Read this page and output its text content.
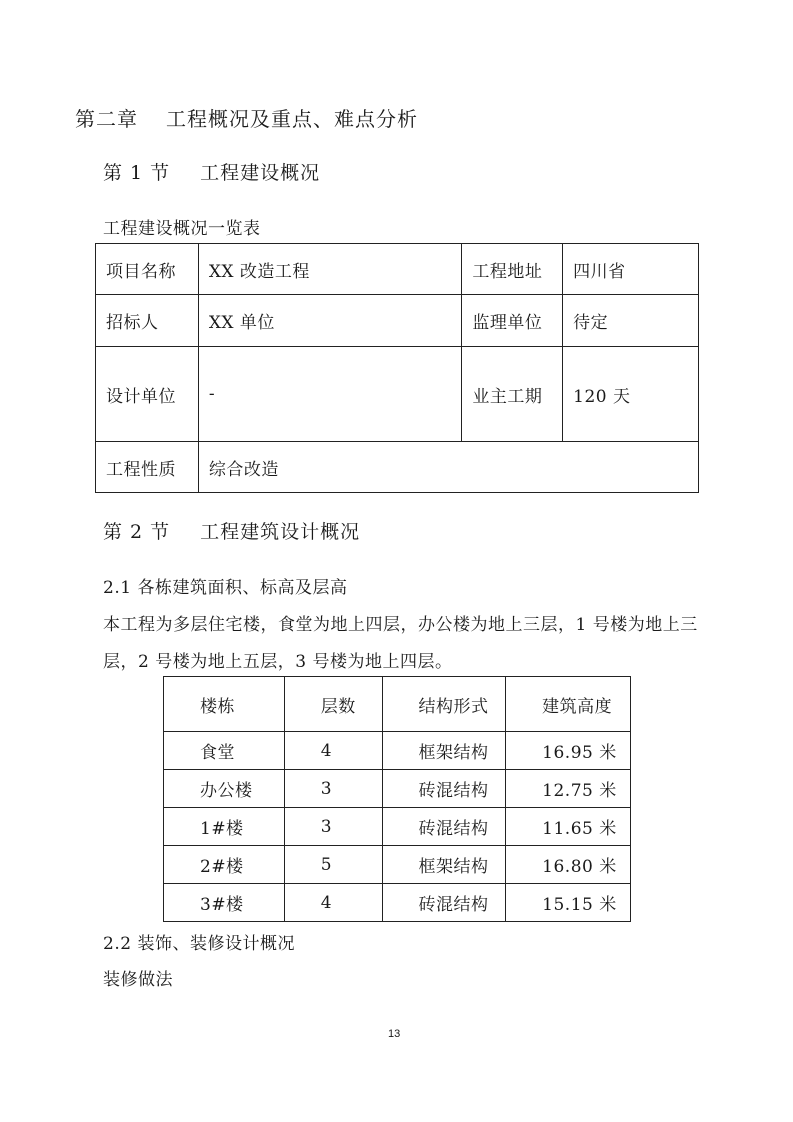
第二章 工程概况及重点、难点分析
第 1 节 工程建设概况
工程建设概况一览表
项目名称	XX 改造工程	工程地址	四川省
招标人	XX 单位	监理单位	待定
设计单位	-	业主工期	120 天
工程性质	综合改造		
第 2 节 工程建筑设计概况
2.1 各栋建筑面积、标高及层高
本工程为多层住宅楼，食堂为地上四层，办公楼为地上三层，1 号楼为地上三
层，2 号楼为地上五层，3 号楼为地上四层。
楼栋	层数	结构形式	建筑高度
食堂	4	框架结构	16.95 米
办公楼	3	砖混结构	12.75 米
1#楼	3	砖混结构	11.65 米
2#楼	5	框架结构	16.80 米
3#楼	4	砖混结构	15.15 米
2.2 装饰、装修设计概况
装修做法
13
